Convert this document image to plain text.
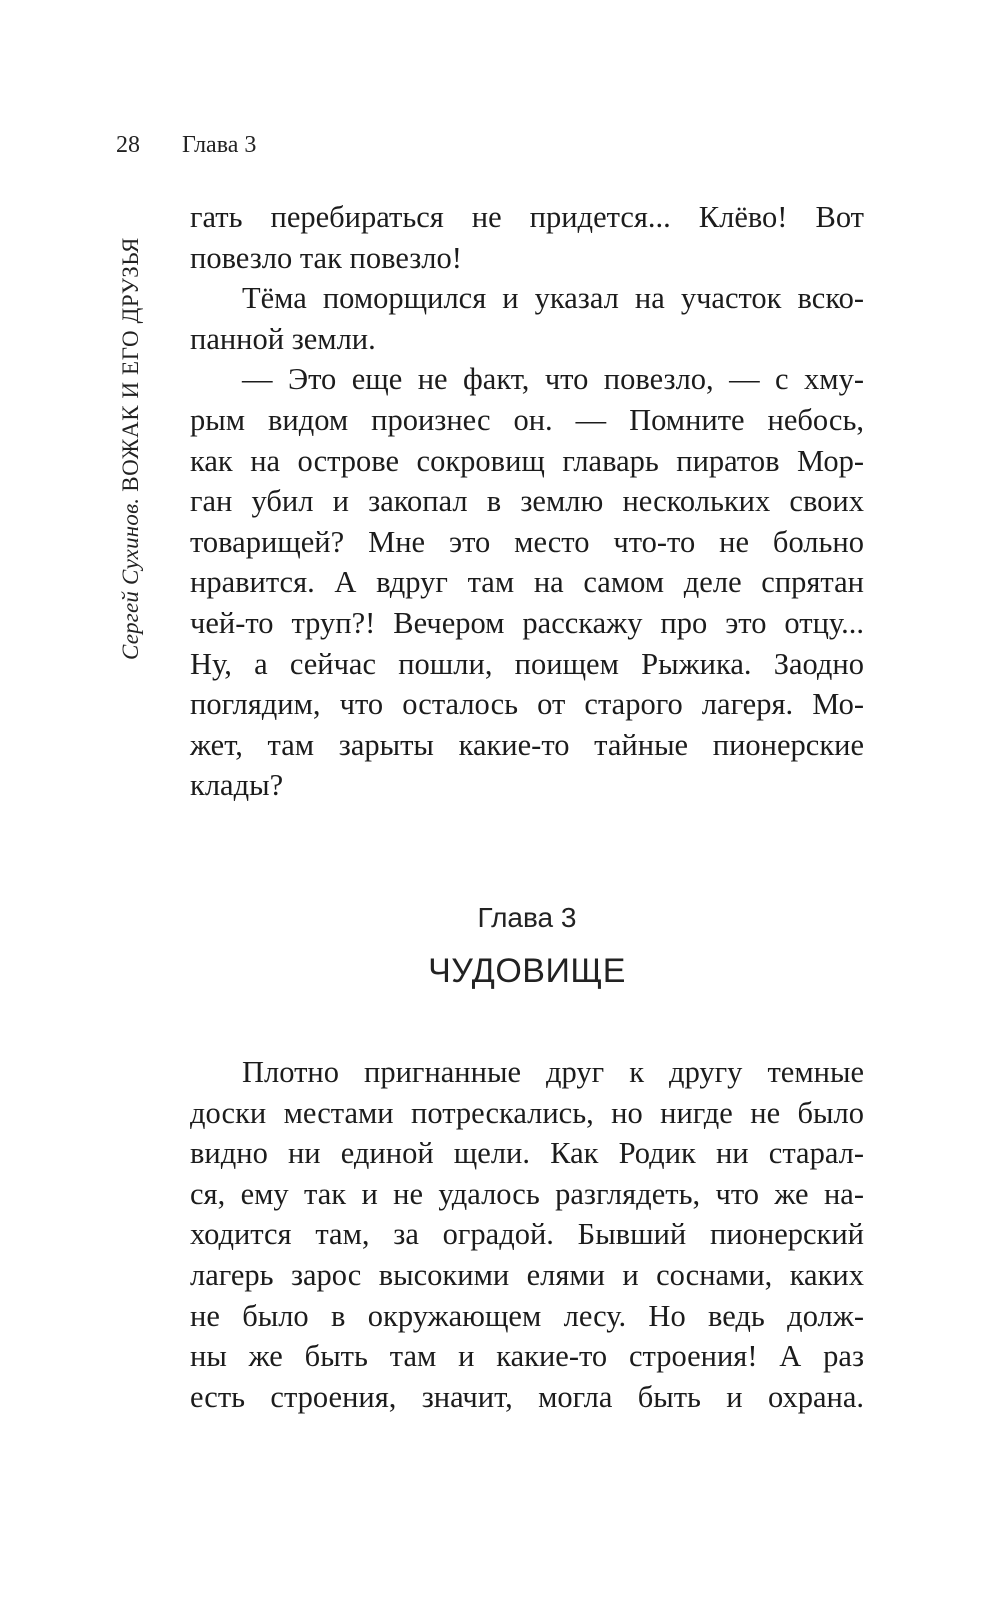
28 Глава 3
Сергей Сухинов. ВОЖАК И ЕГО ДРУЗЬЯ
гать перебираться не придется... Клёво! Вот
повезло так повезло!
Тёма поморщился и указал на участок вско-
панной земли.
— Это еще не факт, что повезло, — с хму-
рым видом произнес он. — Помните небось,
как на острове сокровищ главарь пиратов Мор-
ган убил и закопал в землю нескольких своих
товарищей? Мне это место что-то не больно
нравится. А вдруг там на самом деле спрятан
чей-то труп?! Вечером расскажу про это отцу...
Ну, а сейчас пошли, поищем Рыжика. Заодно
поглядим, что осталось от старого лагеря. Мо-
жет, там зарыты какие-то тайные пионерские
клады?
Глава 3
ЧУДОВИЩЕ
Плотно пригнанные друг к другу темные
доски местами потрескались, но нигде не было
видно ни единой щели. Как Родик ни старал-
ся, ему так и не удалось разглядеть, что же на-
ходится там, за оградой. Бывший пионерский
лагерь зарос высокими елями и соснами, каких
не было в окружающем лесу. Но ведь долж-
ны же быть там и какие-то строения! А раз
есть строения, значит, могла быть и охрана.
